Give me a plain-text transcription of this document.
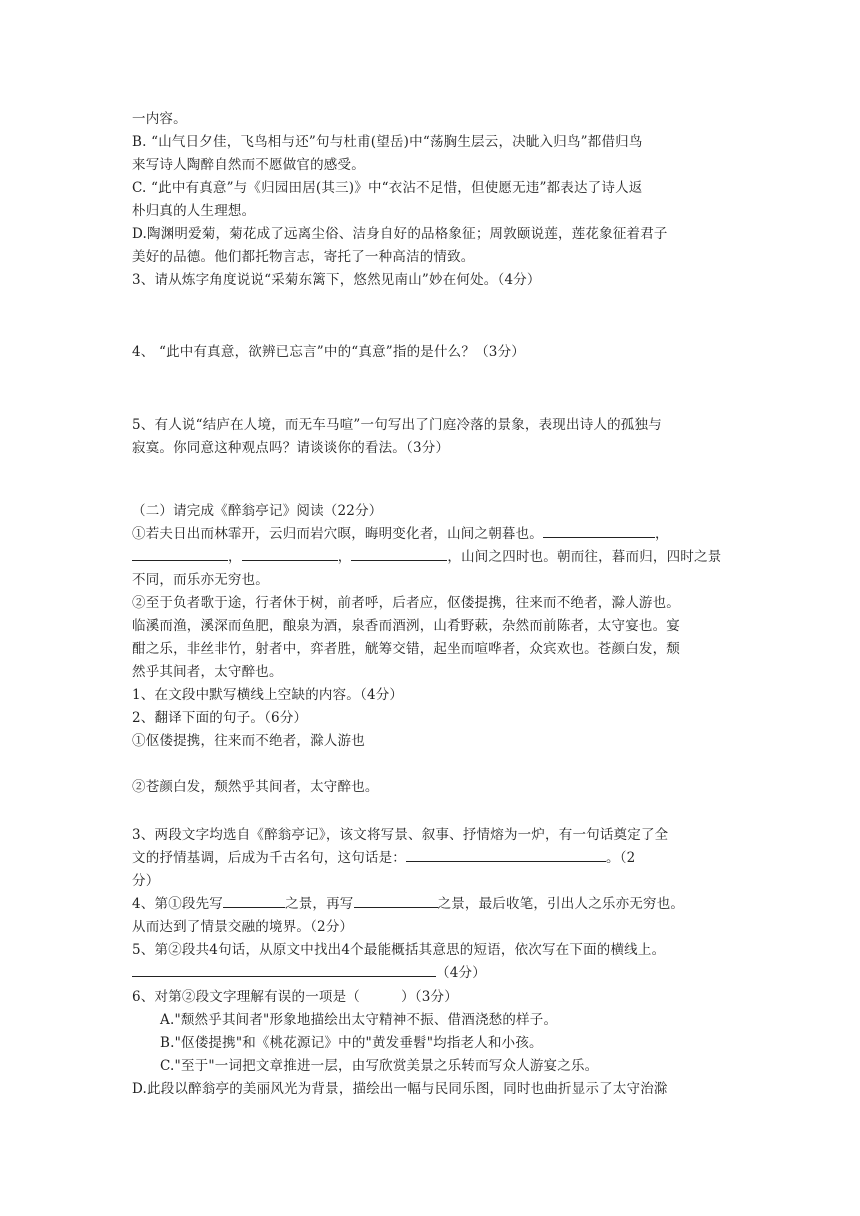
一内容。
B. “山气日夕佳，飞鸟相与还”句与杜甫(望岳)中“荡胸生层云，决眦入归鸟”都借归鸟
来写诗人陶醉自然而不愿做官的感受。
C. “此中有真意”与《归园田居(其三)》中“衣沾不足惜，但使愿无违”都表达了诗人返
朴归真的人生理想。
D.陶渊明爱菊，菊花成了远离尘俗、洁身自好的品格象征；周敦颐说莲，莲花象征着君子
美好的品德。他们都托物言志，寄托了一种高洁的情致。
3、请从炼字角度说说“采菊东篱下，悠然见南山”妙在何处。（4分）
4、 “此中有真意，欲辨已忘言”中的“真意”指的是什么？（3分）
5、有人说“结庐在人境，而无车马喧”一句写出了门庭冷落的景象，表现出诗人的孤独与
寂寞。你同意这种观点吗？请谈谈你的看法。（3分）
（二）请完成《醉翁亭记》阅读（22分）
①若夫日出而林霏开，云归而岩穴暝，晦明变化者，山间之朝暮也。	，
，	，	，山间之四时也。朝而往，暮而归，四时之景
不同，而乐亦无穷也。
②至于负者歌于途，行者休于树，前者呼，后者应，伛偻提携，往来而不绝者，滁人游也。
临溪而渔，溪深而鱼肥，酿泉为酒，泉香而酒洌，山肴野蔌，杂然而前陈者，太守宴也。宴
酣之乐，非丝非竹，射者中，弈者胜，觥筹交错，起坐而喧哗者，众宾欢也。苍颜白发，颓
然乎其间者，太守醉也。
1、在文段中默写横线上空缺的内容。（4分）
2、翻译下面的句子。（6分）
①伛偻提携，往来而不绝者，滁人游也
②苍颜白发，颓然乎其间者，太守醉也。
3、两段文字均选自《醉翁亭记》，该文将写景、叙事、抒情熔为一炉，有一句话奠定了全
文的抒情基调，后成为千古名句，这句话是：	。（2
分）
4、第①段先写	之景，再写	之景，最后收笔，引出人之乐亦无穷也。
从而达到了情景交融的境界。（2分）
5、第②段共4句话，从原文中找出4个最能概括其意思的短语，依次写在下面的横线上。
（4分）
6、对第②段文字理解有误的一项是（　　　）（3分）
A."颓然乎其间者"形象地描绘出太守精神不振、借酒浇愁的样子。
B."伛偻提携"和《桃花源记》中的"黄发垂髫"均指老人和小孩。
C."至于"一词把文章推进一层，由写欣赏美景之乐转而写众人游宴之乐。
D.此段以醉翁亭的美丽风光为背景，描绘出一幅与民同乐图，同时也曲折显示了太守治滁
